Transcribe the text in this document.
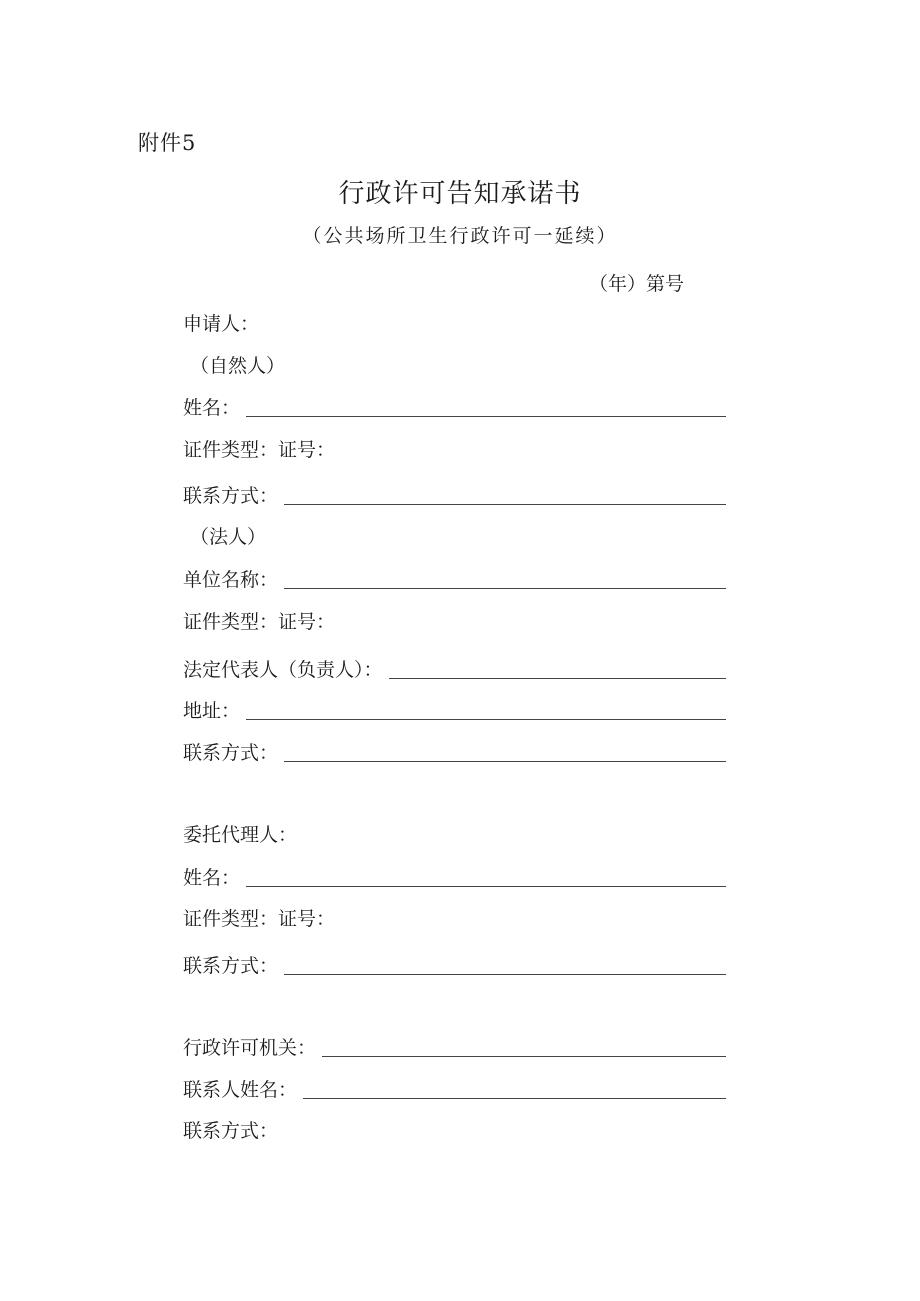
附件5
行政许可告知承诺书
（公共场所卫生行政许可一延续）
（年）第号
申请人：
（自然人）
姓名：
证件类型：证号：
联系方式：
（法人）
单位名称：
证件类型：证号：
法定代表人（负责人）：
地址：
联系方式：
委托代理人：
姓名：
证件类型：证号：
联系方式：
行政许可机关：
联系人姓名：
联系方式：
